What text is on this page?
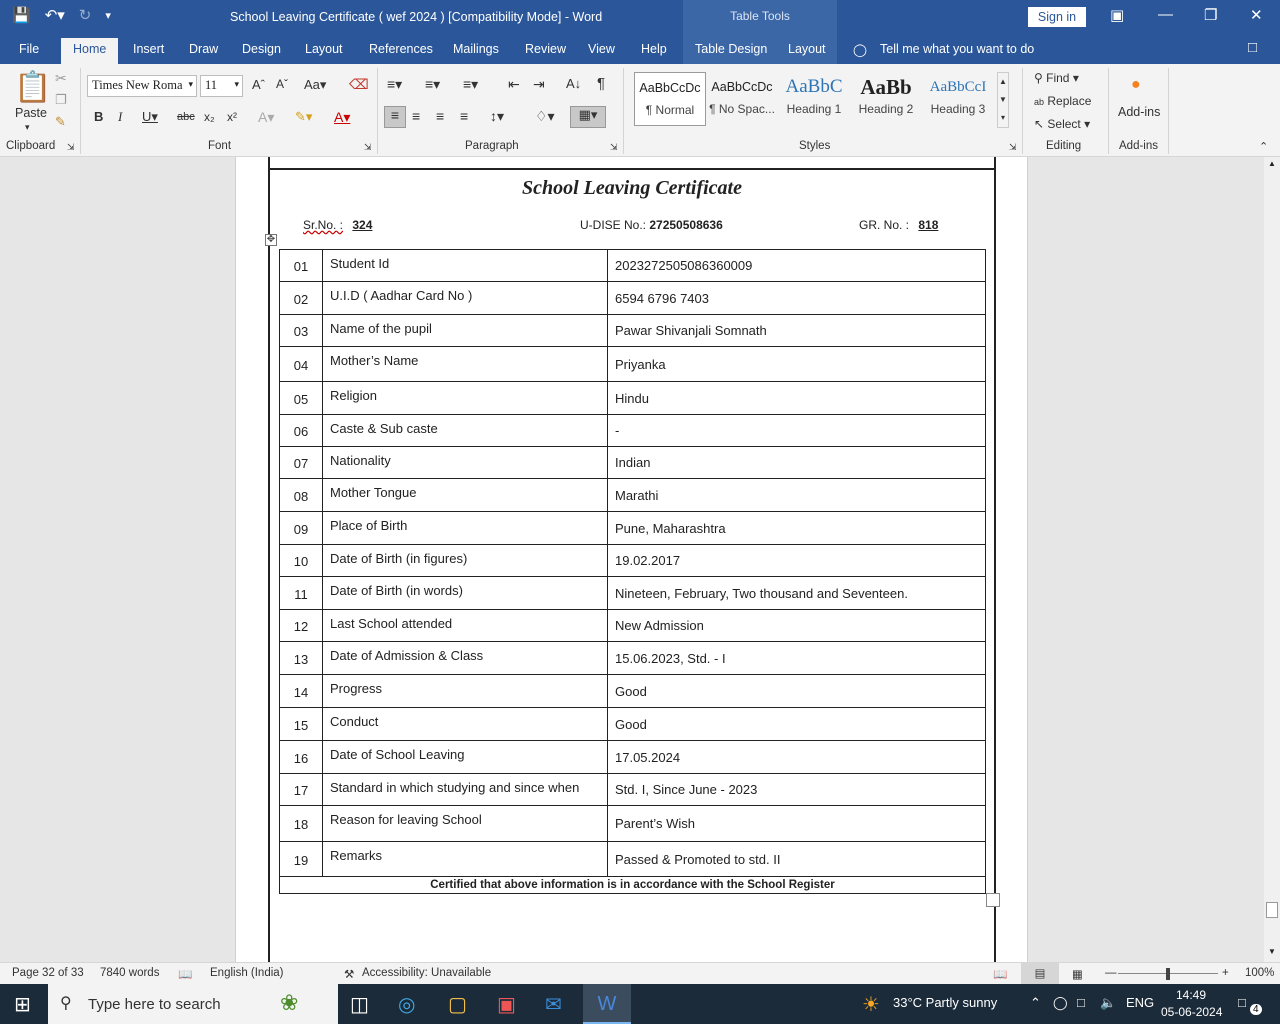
💾 ↶▾ ↻ ▾	School Leaving Certificate ( wef 2024 ) [Compatibility Mode] - Word	Table Tools	Sign in	▣ — ❐ ✕
File	Home	Insert Draw Design Layout References Mailings Review View Help Table Design Layout ◯ Tell me what you want to do	□
📋
Paste
▾
✂
❐
✎
Clipboard ⇲
Times New Roma ▾ 11 ▾ Aˆ Aˇ Aa▾ ⌫
B I U▾ abc x₂ x² A▾ ✎▾ A▾
Font	⇲
≡▾ ≡▾ ≡▾ ⇤ ⇥ A↓ ¶
≡ ≡ ≡ ≡ ↕▾ ♢▾	▦▾
Paragraph	⇲
AaBbCcDc
¶ Normal
AaBbCcDc
¶ No Spac...
AaBbC
Heading 1
AaBb
Heading 2
AaBbCcI
Heading 3
▲
▼
▾
Styles	⇲
⚲ Find ▾
ab Replace
↖ Select ▾
Editing
●
Add-ins
Add-ins	⌃
School Leaving Certificate
Sr.No. : 324	U-DISE No.: 27250508636	GR. No. : 818
✥
01	Student Id	2023272505086360009
02	U.I.D ( Aadhar Card No )	6594 6796 7403
03	Name of the pupil	Pawar Shivanjali Somnath
04	Mother’s Name	Priyanka
05	Religion	Hindu
06	Caste & Sub caste	-
07	Nationality	Indian
08	Mother Tongue	Marathi
09	Place of Birth	Pune, Maharashtra
10	Date of Birth (in figures)	19.02.2017
11	Date of Birth (in words)	Nineteen, February, Two thousand and Seventeen.
12	Last School attended	New Admission
13	Date of Admission & Class	15.06.2023, Std. - I
14	Progress	Good
15	Conduct	Good
16	Date of School Leaving	17.05.2024
17	Standard in which studying and since when	Std. I, Since June - 2023
18	Reason for leaving School	Parent’s Wish
19	Remarks	Passed & Promoted to std. II
Certified that above information is in accordance with the School Register		
▲
▼
Page 32 of 33 7840 words 📖 English (India)	⚒ Accessibility: Unavailable	📖	▤	▦ —	+ 100%
⊞ ⚲ Type here to search	❀	◫ ◎ ▢ ▣ ✉	W	☀ 33°C Partly sunny	⌃ ◯ □ 🔈 ENG 14:49
05-06-2024
□ 4
